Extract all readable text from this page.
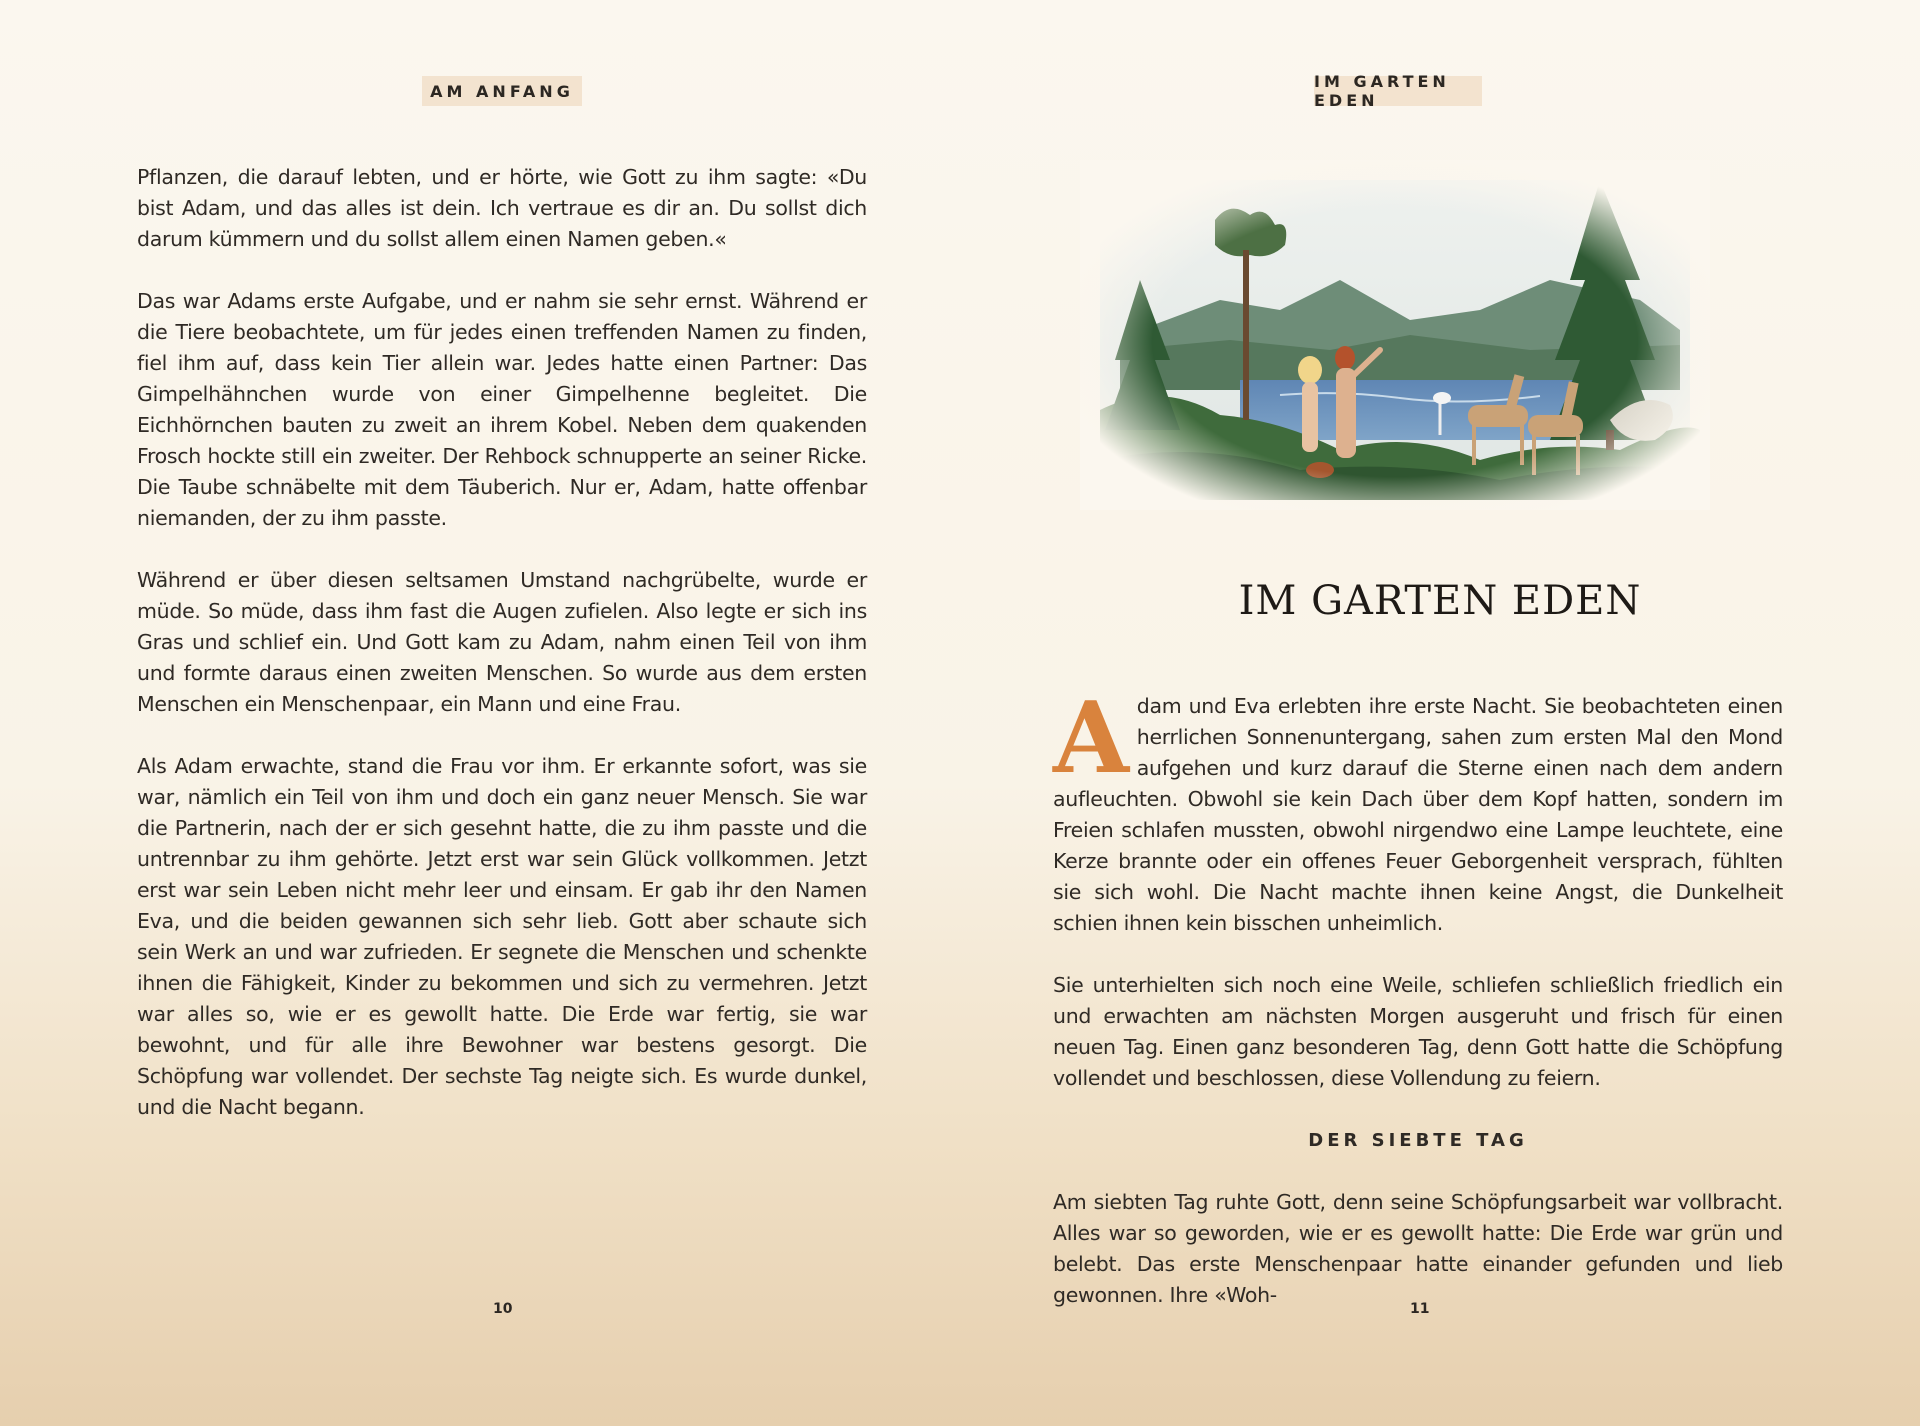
AM ANFANG

Pflanzen, die darauf lebten, und er hörte, wie Gott zu ihm sagte: «Du bist Adam, und das alles ist dein. Ich vertraue es dir an. Du sollst dich darum kümmern und du sollst allem einen Namen geben.«

Das war Adams erste Aufgabe, und er nahm sie sehr ernst. Während er die Tiere beobachtete, um für jedes einen treffenden Namen zu finden, fiel ihm auf, dass kein Tier allein war. Jedes hatte einen Partner: Das Gimpelhähnchen wurde von einer Gimpelhenne begleitet. Die Eichhörnchen bauten zu zweit an ihrem Kobel. Neben dem quakenden Frosch hockte still ein zweiter. Der Rehbock schnupperte an seiner Ricke. Die Taube schnäbelte mit dem Täuberich. Nur er, Adam, hatte offenbar niemanden, der zu ihm passte.

Während er über diesen seltsamen Umstand nachgrübelte, wurde er müde. So müde, dass ihm fast die Augen zufielen. Also legte er sich ins Gras und schlief ein. Und Gott kam zu Adam, nahm einen Teil von ihm und formte daraus einen zweiten Menschen. So wurde aus dem ersten Menschen ein Menschenpaar, ein Mann und eine Frau.

Als Adam erwachte, stand die Frau vor ihm. Er erkannte sofort, was sie war, nämlich ein Teil von ihm und doch ein ganz neuer Mensch. Sie war die Partnerin, nach der er sich gesehnt hatte, die zu ihm passte und die untrennbar zu ihm gehörte. Jetzt erst war sein Glück vollkommen. Jetzt erst war sein Leben nicht mehr leer und einsam. Er gab ihr den Namen Eva, und die beiden gewannen sich sehr lieb. Gott aber schaute sich sein Werk an und war zufrieden. Er segnete die Menschen und schenkte ihnen die Fähigkeit, Kinder zu bekommen und sich zu vermehren. Jetzt war alles so, wie er es gewollt hatte. Die Erde war fertig, sie war bewohnt, und für alle ihre Bewohner war bestens gesorgt. Die Schöpfung war vollendet. Der sechste Tag neigte sich. Es wurde dunkel, und die Nacht begann.

10
IM GARTEN EDEN
IM GARTEN EDEN

A dam und Eva erlebten ihre erste Nacht. Sie beobachteten einen herrlichen Sonnenuntergang, sahen zum ersten Mal den Mond aufgehen und kurz darauf die Sterne einen nach dem andern aufleuchten. Obwohl sie kein Dach über dem Kopf hatten, sondern im Freien schlafen mussten, obwohl nirgendwo eine Lampe leuchtete, eine Kerze brannte oder ein offenes Feuer Geborgenheit versprach, fühlten sie sich wohl. Die Nacht machte ihnen keine Angst, die Dunkelheit schien ihnen kein bisschen unheimlich.

Sie unterhielten sich noch eine Weile, schliefen schließlich friedlich ein und erwachten am nächsten Morgen ausgeruht und frisch für einen neuen Tag. Einen ganz besonderen Tag, denn Gott hatte die Schöpfung vollendet und beschlossen, diese Vollendung zu feiern.

DER SIEBTE TAG

Am siebten Tag ruhte Gott, denn seine Schöpfungsarbeit war vollbracht. Alles war so geworden, wie er es gewollt hatte: Die Erde war grün und belebt. Das erste Menschenpaar hatte einander gefunden und lieb gewonnen. Ihre «Woh-

11
